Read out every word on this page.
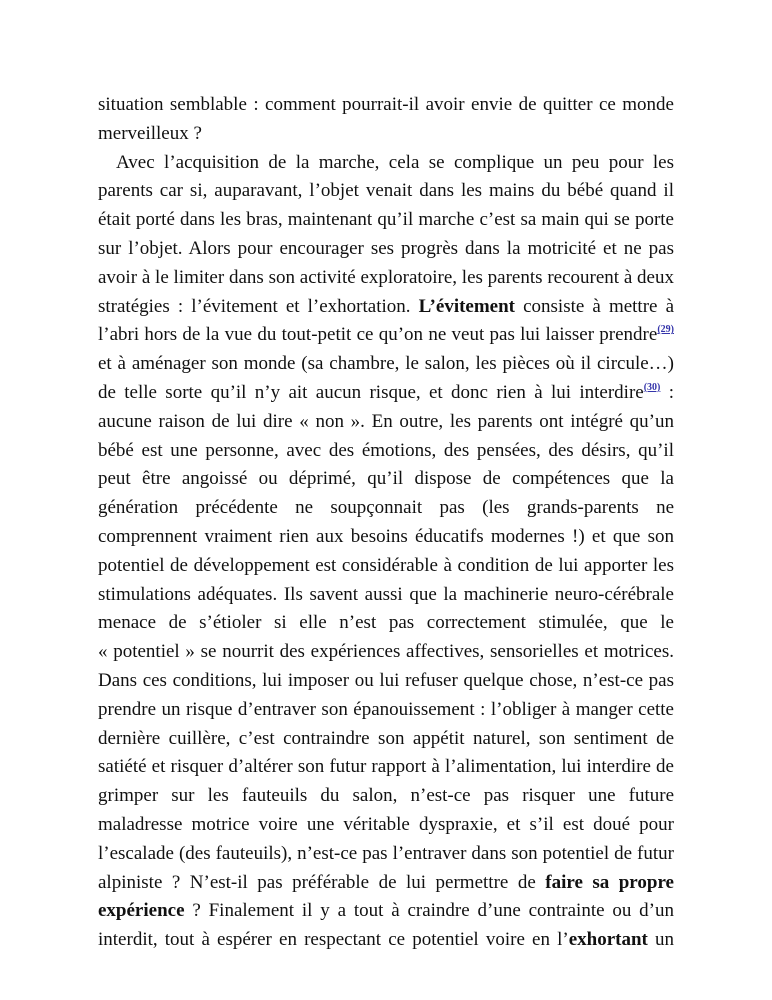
situation semblable : comment pourrait-il avoir envie de quitter ce monde
merveilleux ?
Avec l’acquisition de la marche, cela se complique un peu pour les
parents car si, auparavant, l’objet venait dans les mains du bébé quand il
était porté dans les bras, maintenant qu’il marche c’est sa main qui se porte
sur l’objet. Alors pour encourager ses progrès dans la motricité et ne pas
avoir à le limiter dans son activité exploratoire, les parents recourent à deux
stratégies : l’évitement et l’exhortation. L’évitement consiste à mettre à
l’abri hors de la vue du tout-petit ce qu’on ne veut pas lui laisser prendre$^{(29)}$
et à aménager son monde (sa chambre, le salon, les pièces où il circule…)
de telle sorte qu’il n’y ait aucun risque, et donc rien à lui interdire$^{(30)}$ :
aucune raison de lui dire « non ». En outre, les parents ont intégré qu’un
bébé est une personne, avec des émotions, des pensées, des désirs, qu’il
peut être angoissé ou déprimé, qu’il dispose de compétences que la
génération précédente ne soupçonnait pas (les grands-parents ne
comprennent vraiment rien aux besoins éducatifs modernes !) et que son
potentiel de développement est considérable à condition de lui apporter les
stimulations adéquates. Ils savent aussi que la machinerie neuro-cérébrale
menace de s’étioler si elle n’est pas correctement stimulée, que le
« potentiel » se nourrit des expériences affectives, sensorielles et motrices.
Dans ces conditions, lui imposer ou lui refuser quelque chose, n’est-ce pas
prendre un risque d’entraver son épanouissement : l’obliger à manger cette
dernière cuillère, c’est contraindre son appétit naturel, son sentiment de
satiété et risquer d’altérer son futur rapport à l’alimentation, lui interdire de
grimper sur les fauteuils du salon, n’est-ce pas risquer une future
maladresse motrice voire une véritable dyspraxie, et s’il est doué pour
l’escalade (des fauteuils), n’est-ce pas l’entraver dans son potentiel de futur
alpiniste ? N’est-il pas préférable de lui permettre de faire sa propre
expérience ? Finalement il y a tout à craindre d’une contrainte ou d’un
interdit, tout à espérer en respectant ce potentiel voire en l’exhortant un
